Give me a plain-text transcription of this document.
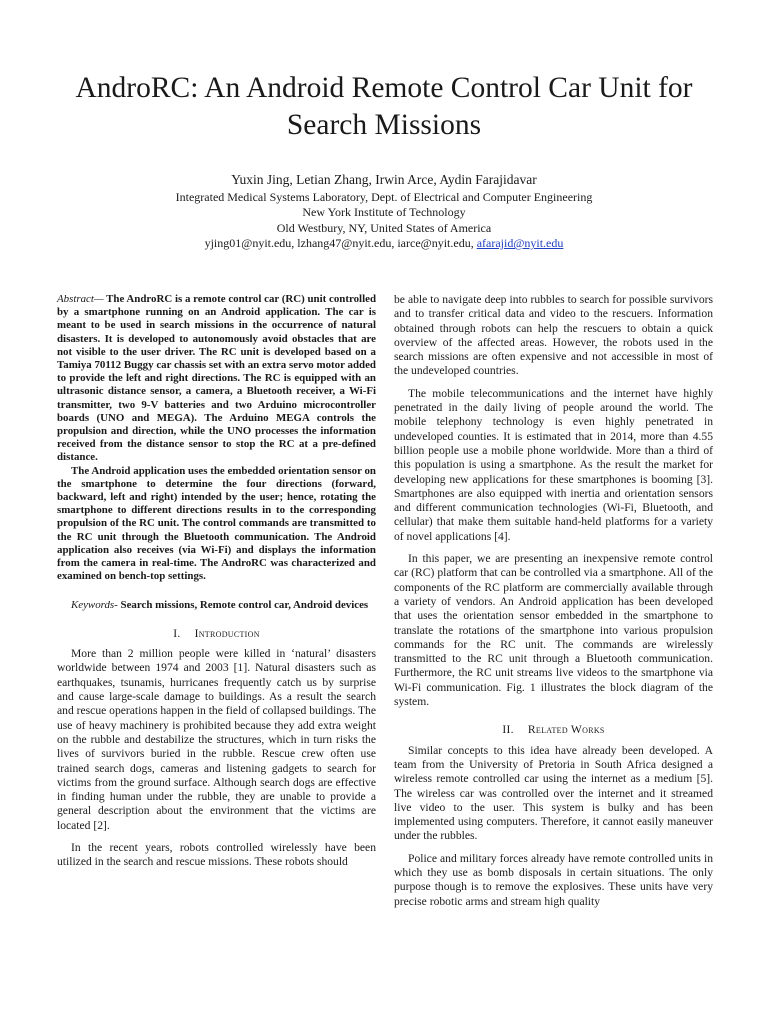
AndroRC: An Android Remote Control Car Unit for Search Missions
Yuxin Jing, Letian Zhang, Irwin Arce, Aydin Farajidavar
Integrated Medical Systems Laboratory, Dept. of Electrical and Computer Engineering
New York Institute of Technology
Old Westbury, NY, United States of America
yjing01@nyit.edu, lzhang47@nyit.edu, iarce@nyit.edu, afarajid@nyit.edu

Abstract— The AndroRC is a remote control car (RC) unit controlled by a smartphone running on an Android application. The car is meant to be used in search missions in the occurrence of natural disasters. It is developed to autonomously avoid obstacles that are not visible to the user driver. The RC unit is developed based on a Tamiya 70112 Buggy car chassis set with an extra servo motor added to provide the left and right directions. The RC is equipped with an ultrasonic distance sensor, a camera, a Bluetooth receiver, a Wi-Fi transmitter, two 9-V batteries and two Arduino microcontroller boards (UNO and MEGA). The Arduino MEGA controls the propulsion and direction, while the UNO processes the information received from the distance sensor to stop the RC at a pre-defined distance.

The Android application uses the embedded orientation sensor on the smartphone to determine the four directions (forward, backward, left and right) intended by the user; hence, rotating the smartphone to different directions results in to the corresponding propulsion of the RC unit. The control commands are transmitted to the RC unit through the Bluetooth communication. The Android application also receives (via Wi-Fi) and displays the information from the camera in real-time. The AndroRC was characterized and examined on bench-top settings.

Keywords- Search missions, Remote control car, Android devices

I. Introduction

More than 2 million people were killed in ‘natural’ disasters worldwide between 1974 and 2003 [1]. Natural disasters such as earthquakes, tsunamis, hurricanes frequently catch us by surprise and cause large-scale damage to buildings. As a result the search and rescue operations happen in the field of collapsed buildings. The use of heavy machinery is prohibited because they add extra weight on the rubble and destabilize the structures, which in turn risks the lives of survivors buried in the rubble. Rescue crew often use trained search dogs, cameras and listening gadgets to search for victims from the ground surface. Although search dogs are effective in finding human under the rubble, they are unable to provide a general description about the environment that the victims are located [2].

In the recent years, robots controlled wirelessly have been utilized in the search and rescue missions. These robots should

be able to navigate deep into rubbles to search for possible survivors and to transfer critical data and video to the rescuers. Information obtained through robots can help the rescuers to obtain a quick overview of the affected areas. However, the robots used in the search missions are often expensive and not accessible in most of the undeveloped countries.

The mobile telecommunications and the internet have highly penetrated in the daily living of people around the world. The mobile telephony technology is even highly penetrated in undeveloped counties. It is estimated that in 2014, more than 4.55 billion people use a mobile phone worldwide. More than a third of this population is using a smartphone. As the result the market for developing new applications for these smartphones is booming [3]. Smartphones are also equipped with inertia and orientation sensors and different communication technologies (Wi-Fi, Bluetooth, and cellular) that make them suitable hand-held platforms for a variety of novel applications [4].

In this paper, we are presenting an inexpensive remote control car (RC) platform that can be controlled via a smartphone. All of the components of the RC platform are commercially available through a variety of vendors. An Android application has been developed that uses the orientation sensor embedded in the smartphone to translate the rotations of the smartphone into various propulsion commands for the RC unit. The commands are wirelessly transmitted to the RC unit through a Bluetooth communication. Furthermore, the RC unit streams live videos to the smartphone via Wi-Fi communication. Fig. 1 illustrates the block diagram of the system.

II. Related Works

Similar concepts to this idea have already been developed. A team from the University of Pretoria in South Africa designed a wireless remote controlled car using the internet as a medium [5]. The wireless car was controlled over the internet and it streamed live video to the user. This system is bulky and has been implemented using computers. Therefore, it cannot easily maneuver under the rubbles.

Police and military forces already have remote controlled units in which they use as bomb disposals in certain situations. The only purpose though is to remove the explosives. These units have very precise robotic arms and stream high quality
